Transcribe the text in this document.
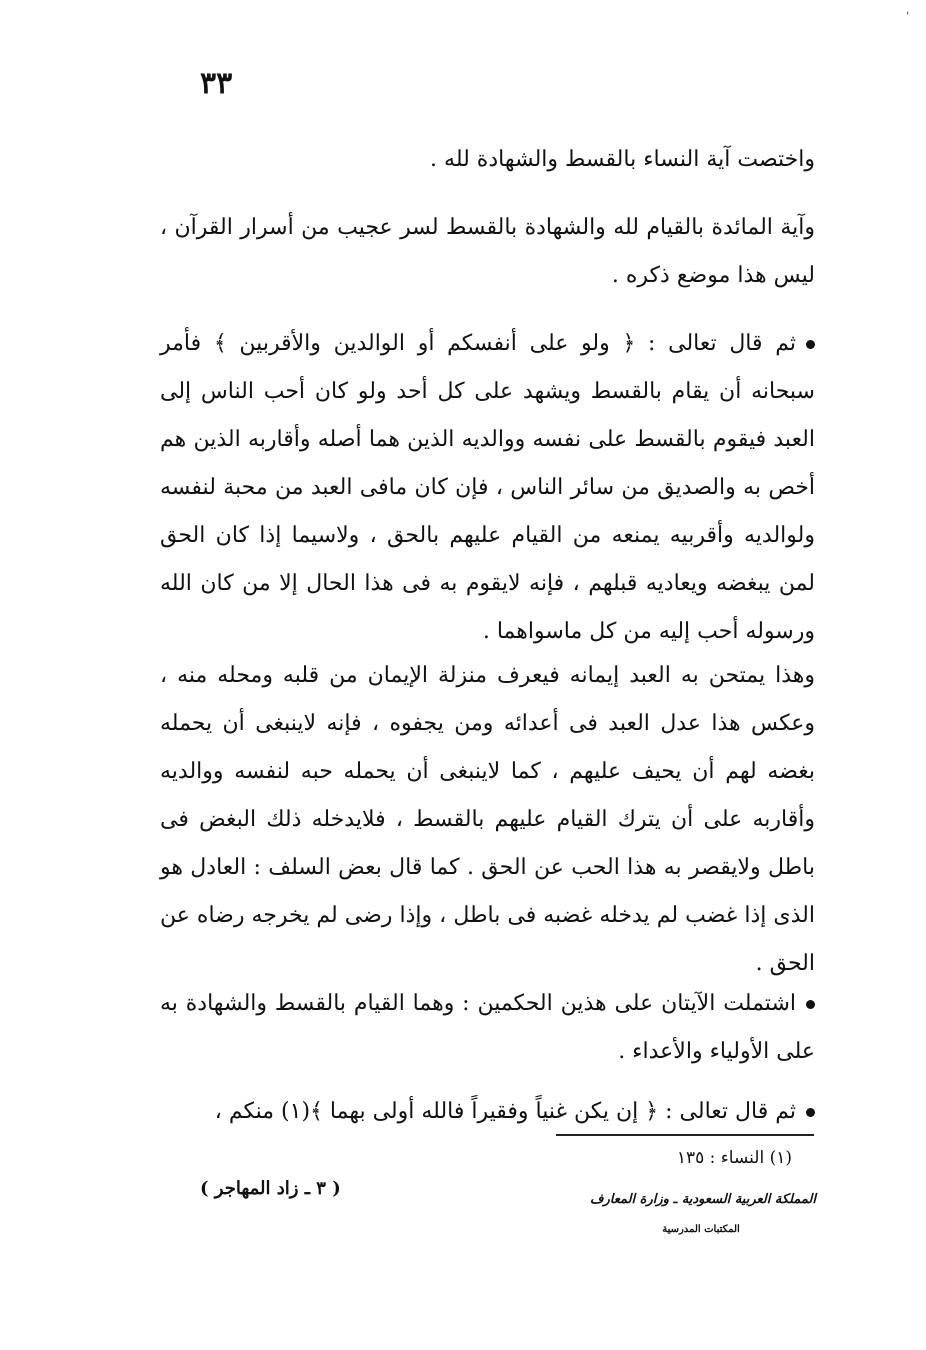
ˈ
٣٣
واختصت آية النساء بالقسط والشهادة لله .
وآية المائدة بالقيام لله والشهادة بالقسط لسر عجيب من أسرار القرآن ، ليس هذا موضع ذكره .
ثم قال تعالى : ﴿ ولو على أنفسكم أو الوالدين والأقربين ﴾ فأمر سبحانه أن يقام بالقسط ويشهد على كل أحد ولو كان أحب الناس إلى العبد فيقوم بالقسط على نفسه ووالديه الذين هما أصله وأقاربه الذين هم أخص به والصديق من سائر الناس ، فإن كان مافى العبد من محبة لنفسه ولوالديه وأقربيه يمنعه من القيام عليهم بالحق ، ولاسيما إذا كان الحق لمن يبغضه ويعاديه قبلهم ، فإنه لايقوم به فى هذا الحال إلا من كان الله ورسوله أحب إليه من كل ماسواهما .
وهذا يمتحن به العبد إيمانه فيعرف منزلة الإيمان من قلبه ومحله منه ، وعكس هذا عدل العبد فى أعدائه ومن يجفوه ، فإنه لاينبغى أن يحمله بغضه لهم أن يحيف عليهم ، كما لاينبغى أن يحمله حبه لنفسه ووالديه وأقاربه على أن يترك القيام عليهم بالقسط ، فلايدخله ذلك البغض فى باطل ولايقصر به هذا الحب عن الحق . كما قال بعض السلف : العادل هو الذى إذا غضب لم يدخله غضبه فى باطل ، وإذا رضى لم يخرجه رضاه عن الحق .
اشتملت الآيتان على هذين الحكمين : وهما القيام بالقسط والشهادة به على الأولياء والأعداء .
ثم قال تعالى : ﴿ إن يكن غنياً وفقيراً فالله أولى بهما ﴾(١) منكم ،
(١) النساء : ١٣٥
( ٣ ـ زاد المهاجر )
المملكة العربية السعودية ـ وزارة المعارف
المكتبات المدرسية
